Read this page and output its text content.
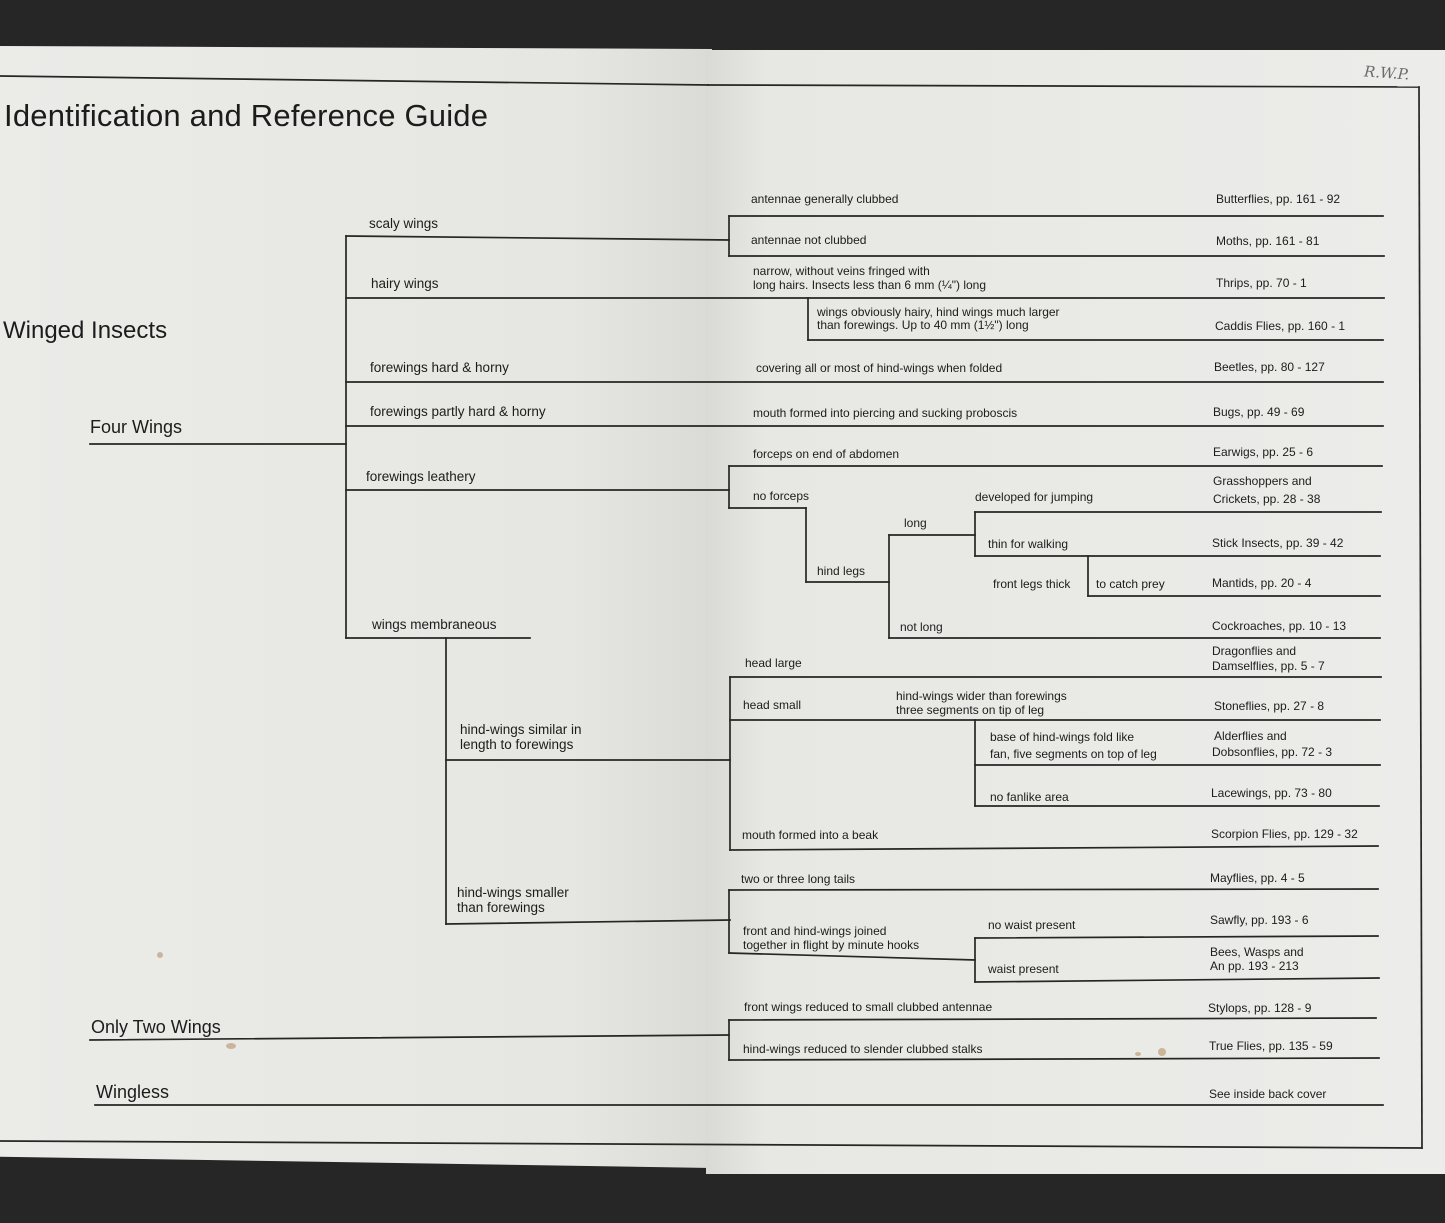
R.W.P.
Identification and Reference Guide
Winged Insects
Four Wings
Only Two Wings
Wingless
scaly wings
hairy wings
forewings hard & horny
forewings partly hard & horny
forewings leathery
wings membraneous
hind-wings similar in
length to forewings
hind-wings smaller
than forewings
antennae generally clubbed
antennae not clubbed
narrow, without veins fringed with
long hairs. Insects less than 6 mm (¼") long
wings obviously hairy, hind wings much larger
than forewings. Up to 40 mm (1½") long
covering all or most of hind-wings when folded
mouth formed into piercing and sucking proboscis
forceps on end of abdomen
no forceps
hind legs
long
not long
developed for jumping
thin for walking
front legs thick to catch prey
head large
head small
hind-wings wider than forewings
three segments on tip of leg
base of hind-wings fold like
fan, five segments on top of leg
no fanlike area
mouth formed into a beak
two or three long tails
front and hind-wings joined
together in flight by minute hooks
no waist present
waist present
front wings reduced to small clubbed antennae
hind-wings reduced to slender clubbed stalks
Butterflies, pp. 161 - 92
Moths, pp. 161 - 81
Thrips, pp. 70 - 1
Caddis Flies, pp. 160 - 1
Beetles, pp. 80 - 127
Bugs, pp. 49 - 69
Earwigs, pp. 25 - 6
Grasshoppers and
Crickets, pp. 28 - 38
Stick Insects, pp. 39 - 42
Mantids, pp. 20 - 4
Cockroaches, pp. 10 - 13
Dragonflies and
Damselflies, pp. 5 - 7
Stoneflies, pp. 27 - 8
Alderflies and
Dobsonflies, pp. 72 - 3
Lacewings, pp. 73 - 80
Scorpion Flies, pp. 129 - 32
Mayflies, pp. 4 - 5
Sawfly, pp. 193 - 6
Bees, Wasps and
An pp. 193 - 213
Stylops, pp. 128 - 9
True Flies, pp. 135 - 59
See inside back cover
